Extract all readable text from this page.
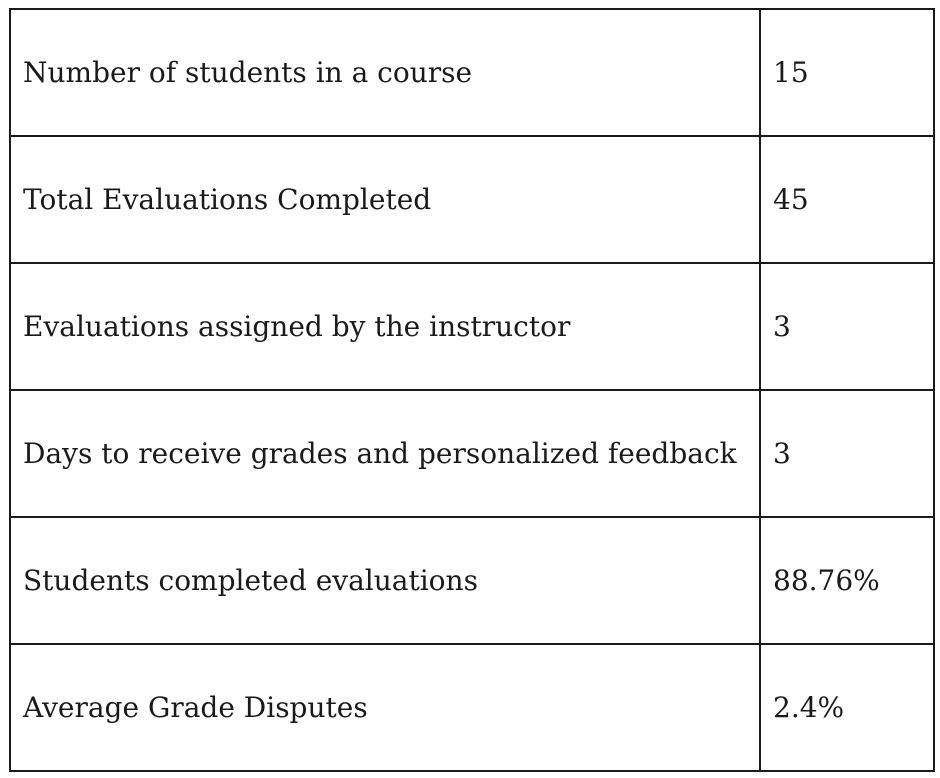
Number of students in a course	15
Total Evaluations Completed	45
Evaluations assigned by the instructor	3
Days to receive grades and personalized feedback	3
Students completed evaluations	88.76%
Average Grade Disputes	2.4%
